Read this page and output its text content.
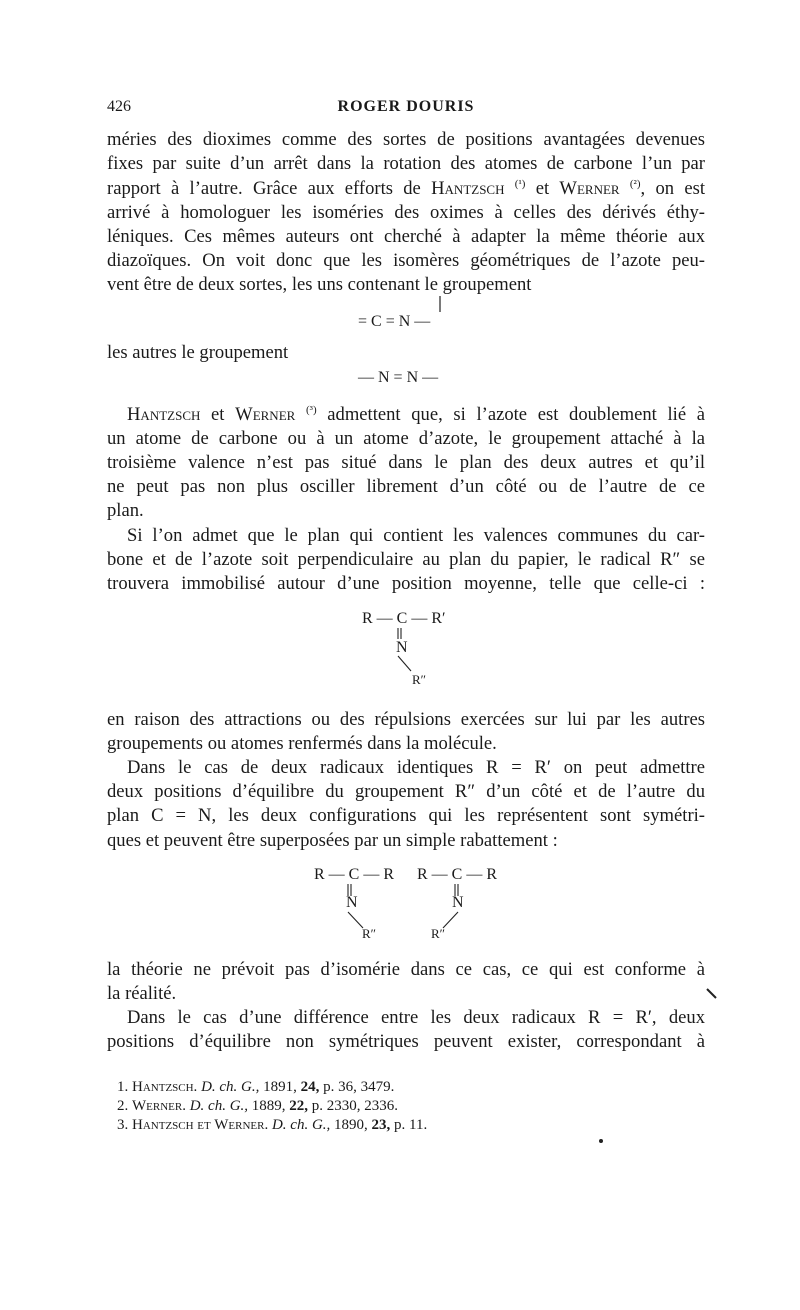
426	ROGER DOURIS
méries des dioximes comme des sortes de positions avantagées devenues
fixes par suite d’un arrêt dans la rotation des atomes de carbone l’un par
rapport à l’autre. Grâce aux efforts de Hantzsch $^{(^1)}$ et Werner $^{(^2)}$, on est
arrivé à homologuer les isoméries des oximes à celles des dérivés éthy-
léniques. Ces mêmes auteurs ont cherché à adapter la même théorie aux
diazoïques. On voit donc que les isomères géométriques de l’azote peu-
vent être de deux sortes, les uns contenant le groupement
= C = N —
les autres le groupement
— N = N —
Hantzsch et Werner $^{(^3)}$ admettent que, si l’azote est doublement lié à
un atome de carbone ou à un atome d’azote, le groupement attaché à la
troisième valence n’est pas situé dans le plan des deux autres et qu’il
ne peut pas non plus osciller librement d’un côté ou de l’autre de ce
plan.
Si l’on admet que le plan qui contient les valences communes du car-
bone et de l’azote soit perpendiculaire au plan du papier, le radical R″ se
trouvera immobilisé autour d’une position moyenne, telle que celle-ci :
R — C — R′
N
R″
en raison des attractions ou des répulsions exercées sur lui par les autres
groupements ou atomes renfermés dans la molécule.
Dans le cas de deux radicaux identiques R = R′ on peut admettre
deux positions d’équilibre du groupement R″ d’un côté et de l’autre du
plan C = N, les deux configurations qui les représentent sont symétri-
ques et peuvent être superposées par un simple rabattement :
R — C — R
N
R″
R — C — R
N
R″
la théorie ne prévoit pas d’isomérie dans ce cas, ce qui est conforme à
la réalité.
Dans le cas d’une différence entre les deux radicaux R = R′, deux
positions d’équilibre non symétriques peuvent exister, correspondant à
1. Hantzsch. D. ch. G., 1891, 24, p. 36, 3479.
2. Werner. D. ch. G., 1889, 22, p. 2330, 2336.
3. Hantzsch et Werner. D. ch. G., 1890, 23, p. 11.
